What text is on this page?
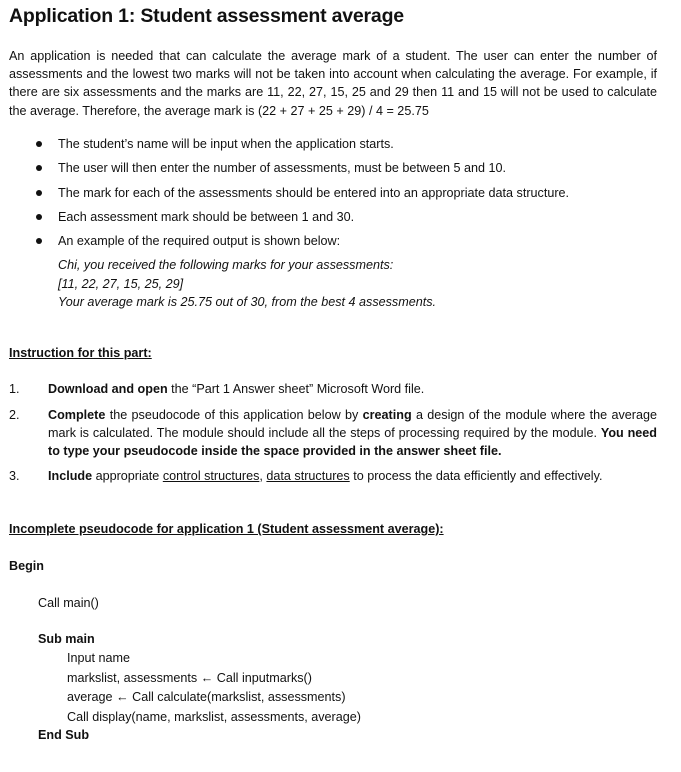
Application 1: Student assessment average

An application is needed that can calculate the average mark of a student. The user can enter the number of assessments and the lowest two marks will not be taken into account when calculating the average. For example, if there are six assessments and the marks are 11, 22, 27, 15, 25 and 29 then 11 and 15 will not be used to calculate the average. Therefore, the average mark is (22 + 27 + 25 + 29) / 4 = 25.75

The student’s name will be input when the application starts.
The user will then enter the number of assessments, must be between 5 and 10.
The mark for each of the assessments should be entered into an appropriate data structure.
Each assessment mark should be between 1 and 30.
An example of the required output is shown below:
Chi, you received the following marks for your assessments:
[11, 22, 27, 15, 25, 29]
Your average mark is 25.75 out of 30, from the best 4 assessments.

Instruction for this part:

1. Download and open the “Part 1 Answer sheet” Microsoft Word file.
2. Complete the pseudocode of this application below by creating a design of the module where the average mark is calculated. The module should include all the steps of processing required by the module. You need to type your pseudocode inside the space provided in the answer sheet file.
3. Include appropriate control structures, data structures to process the data efficiently and effectively.

Incomplete pseudocode for application 1 (Student assessment average):

Begin
Call main()
Sub main
Input name
markslist, assessments ← Call inputmarks()
average ← Call calculate(markslist, assessments)
Call display(name, markslist, assessments, average)
End Sub
